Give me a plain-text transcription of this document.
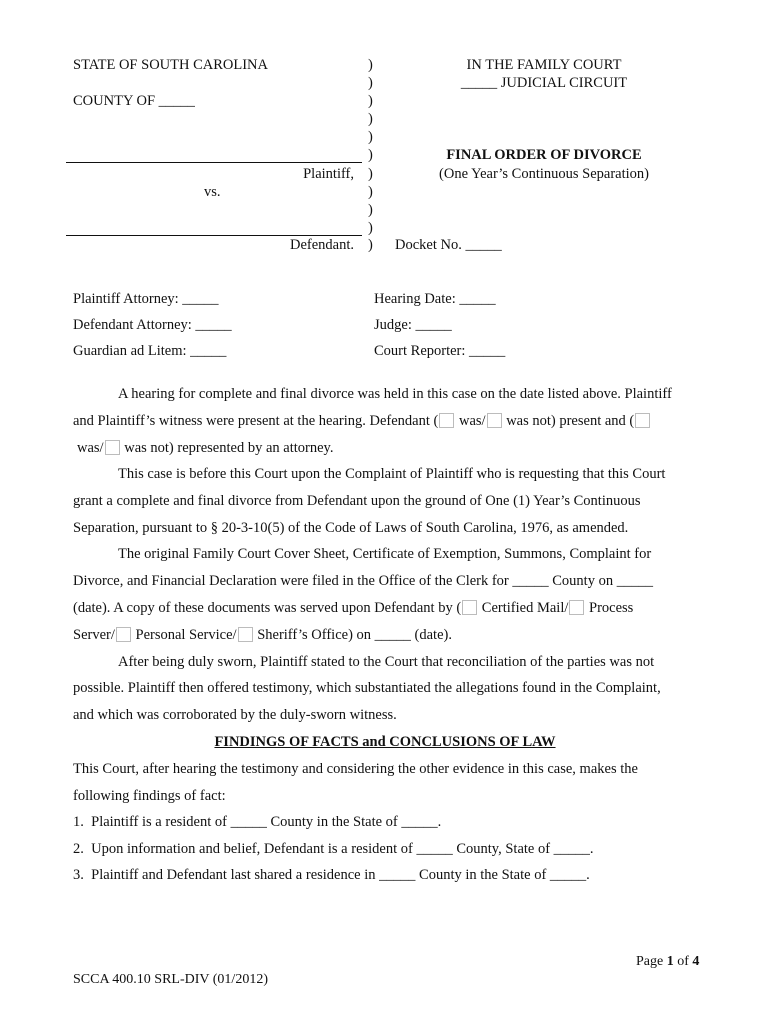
STATE OF SOUTH CAROLINA
COUNTY OF _____
Plaintiff,
vs.
Defendant.
)
)
)
)
)
)
)
)
)
)
)
IN THE FAMILY COURT
_____ JUDICIAL CIRCUIT
FINAL ORDER OF DIVORCE
(One Year’s Continuous Separation)
Docket No. _____
Plaintiff Attorney: _____
Defendant Attorney: _____
Guardian ad Litem: _____
Hearing Date: _____
Judge: _____
Court Reporter: _____
A hearing for complete and final divorce was held in this case on the date listed above. Plaintiff
and Plaintiff’s witness were present at the hearing. Defendant ( was/ was not) present and (
was/ was not) represented by an attorney.
This case is before this Court upon the Complaint of Plaintiff who is requesting that this Court
grant a complete and final divorce from Defendant upon the ground of One (1) Year’s Continuous
Separation, pursuant to § 20-3-10(5) of the Code of Laws of South Carolina, 1976, as amended.
The original Family Court Cover Sheet, Certificate of Exemption, Summons, Complaint for
Divorce, and Financial Declaration were filed in the Office of the Clerk for _____ County on _____
(date). A copy of these documents was served upon Defendant by ( Certified Mail/ Process
Server/ Personal Service/ Sheriff’s Office) on _____ (date).
After being duly sworn, Plaintiff stated to the Court that reconciliation of the parties was not
possible. Plaintiff then offered testimony, which substantiated the allegations found in the Complaint,
and which was corroborated by the duly-sworn witness.
FINDINGS OF FACTS and CONCLUSIONS OF LAW
This Court, after hearing the testimony and considering the other evidence in this case, makes the
following findings of fact:
1. Plaintiff is a resident of _____ County in the State of _____.
2. Upon information and belief, Defendant is a resident of _____ County, State of _____.
3. Plaintiff and Defendant last shared a residence in _____ County in the State of _____.
Page 1 of 4
SCCA 400.10 SRL-DIV (01/2012)
